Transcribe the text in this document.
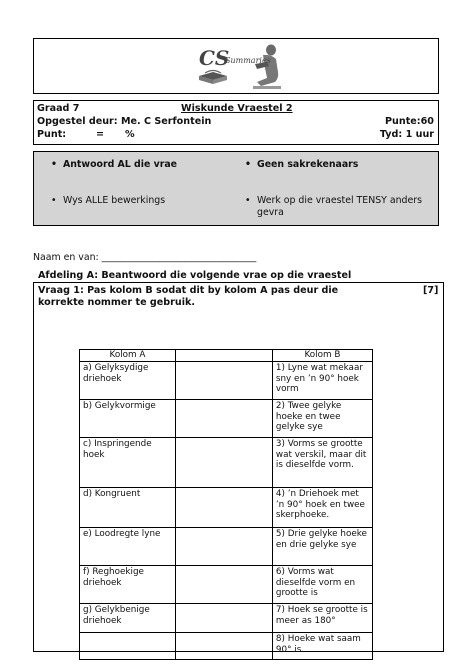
CS
Summaries
Graad 7	Wiskunde Vraestel 2
Opgestel deur: Me. C Serfontein	Punte:60
Punt:	= %	Tyd: 1 uur
• Antwoord AL die vrae	• Geen sakrekenaars
• Wys ALLE bewerkings	• Werk op die vraestel TENSY anders gevra
Naam en van: _________________________________
Afdeling A: Beantwoord die volgende vrae op die vraestel
Vraag 1: Pas kolom B sodat dit by kolom A pas deur die korrekte nommer te gebruik.
[7]
Kolom A		Kolom B
a) Gelyksydige driehoek		1) Lyne wat mekaar sny en ’n 90° hoek vorm
b) Gelykvormige		2) Twee gelyke hoeke en twee gelyke sye
c) Inspringende hoek		3) Vorms se grootte wat verskil, maar dit is dieselfde vorm.
d) Kongruent		4) ’n Driehoek met ’n 90° hoek en twee skerphoeke.
e) Loodregte lyne		5) Drie gelyke hoeke en drie gelyke sye
f) Reghoekige driehoek		6) Vorms wat dieselfde vorm en grootte is
g) Gelykbenige driehoek		7) Hoek se grootte is meer as 180°
		8) Hoeke wat saam 90° is.
